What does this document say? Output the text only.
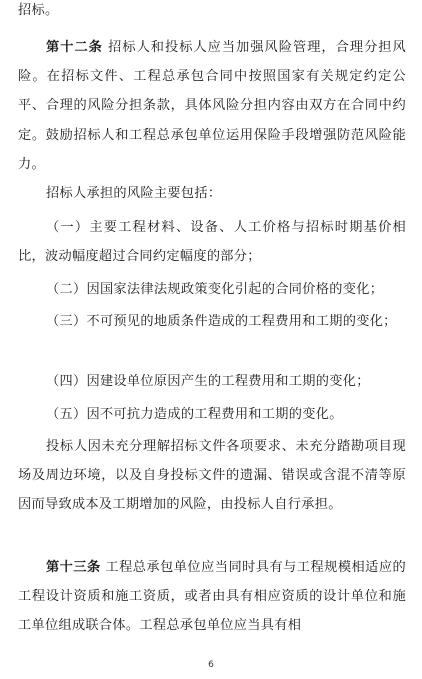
招标。

第十二条 招标人和投标人应当加强风险管理，合理分担风险。在招标文件、工程总承包合同中按照国家有关规定约定公平、合理的风险分担条款，具体风险分担内容由双方在合同中约定。鼓励招标人和工程总承包单位运用保险手段增强防范风险能力。

招标人承担的风险主要包括：

（一）主要工程材料、设备、人工价格与招标时期基价相比，波动幅度超过合同约定幅度的部分；

（二）因国家法律法规政策变化引起的合同价格的变化；

（三）不可预见的地质条件造成的工程费用和工期的变化；

（四）因建设单位原因产生的工程费用和工期的变化；

（五）因不可抗力造成的工程费用和工期的变化。

投标人因未充分理解招标文件各项要求、未充分踏勘项目现场及周边环境，以及自身投标文件的遗漏、错误或含混不清等原因而导致成本及工期增加的风险，由投标人自行承担。

第十三条 工程总承包单位应当同时具有与工程规模相适应的工程设计资质和施工资质，或者由具有相应资质的设计单位和施工单位组成联合体。工程总承包单位应当具有相

6
